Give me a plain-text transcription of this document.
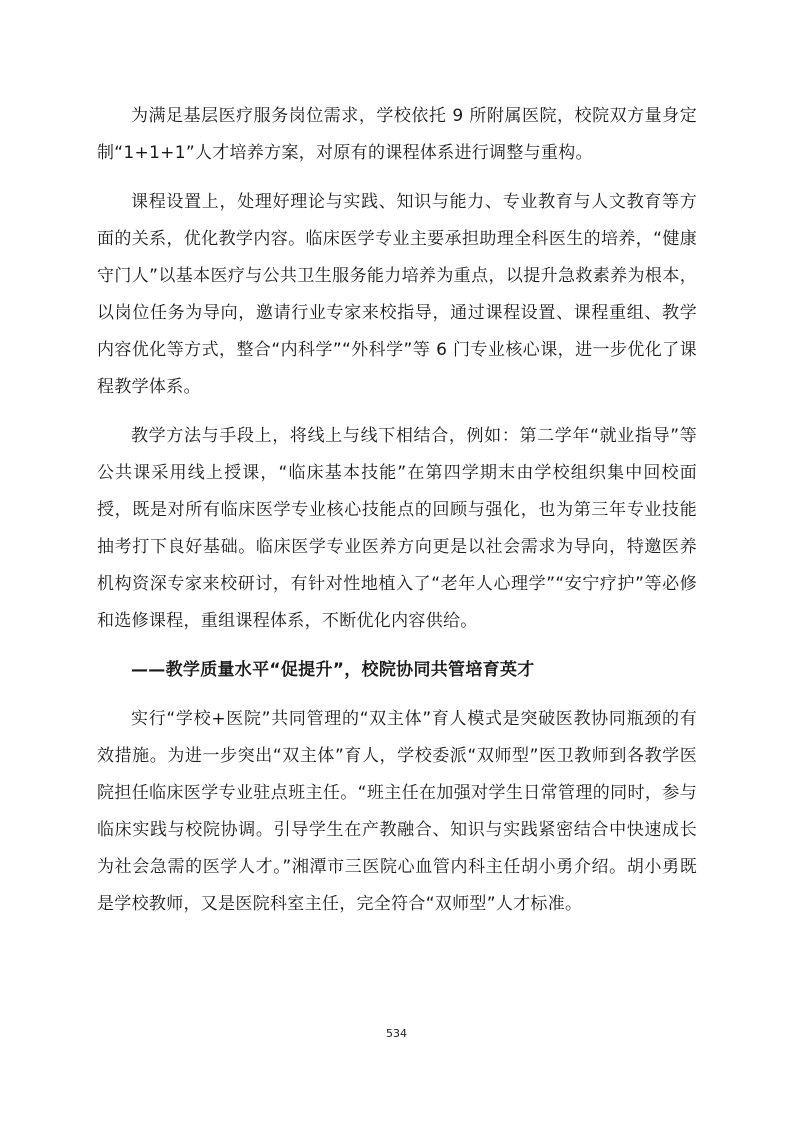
为满足基层医疗服务岗位需求，学校依托 9 所附属医院，校院双方量身定制“1+1+1”人才培养方案，对原有的课程体系进行调整与重构。

课程设置上，处理好理论与实践、知识与能力、专业教育与人文教育等方面的关系，优化教学内容。临床医学专业主要承担助理全科医生的培养，“健康守门人”以基本医疗与公共卫生服务能力培养为重点，以提升急救素养为根本，以岗位任务为导向，邀请行业专家来校指导，通过课程设置、课程重组、教学内容优化等方式，整合“内科学”“外科学”等 6 门专业核心课，进一步优化了课程教学体系。

教学方法与手段上，将线上与线下相结合，例如：第二学年“就业指导”等公共课采用线上授课，“临床基本技能”在第四学期末由学校组织集中回校面授，既是对所有临床医学专业核心技能点的回顾与强化，也为第三年专业技能抽考打下良好基础。临床医学专业医养方向更是以社会需求为导向，特邀医养机构资深专家来校研讨，有针对性地植入了“老年人心理学”“安宁疗护”等必修和选修课程，重组课程体系，不断优化内容供给。

——教学质量水平“促提升”，校院协同共管培育英才

实行“学校+医院”共同管理的“双主体”育人模式是突破医教协同瓶颈的有效措施。为进一步突出“双主体”育人，学校委派“双师型”医卫教师到各教学医院担任临床医学专业驻点班主任。“班主任在加强对学生日常管理的同时，参与临床实践与校院协调。引导学生在产教融合、知识与实践紧密结合中快速成长为社会急需的医学人才。”湘潭市三医院心血管内科主任胡小勇介绍。胡小勇既是学校教师，又是医院科室主任，完全符合“双师型”人才标准。

534
